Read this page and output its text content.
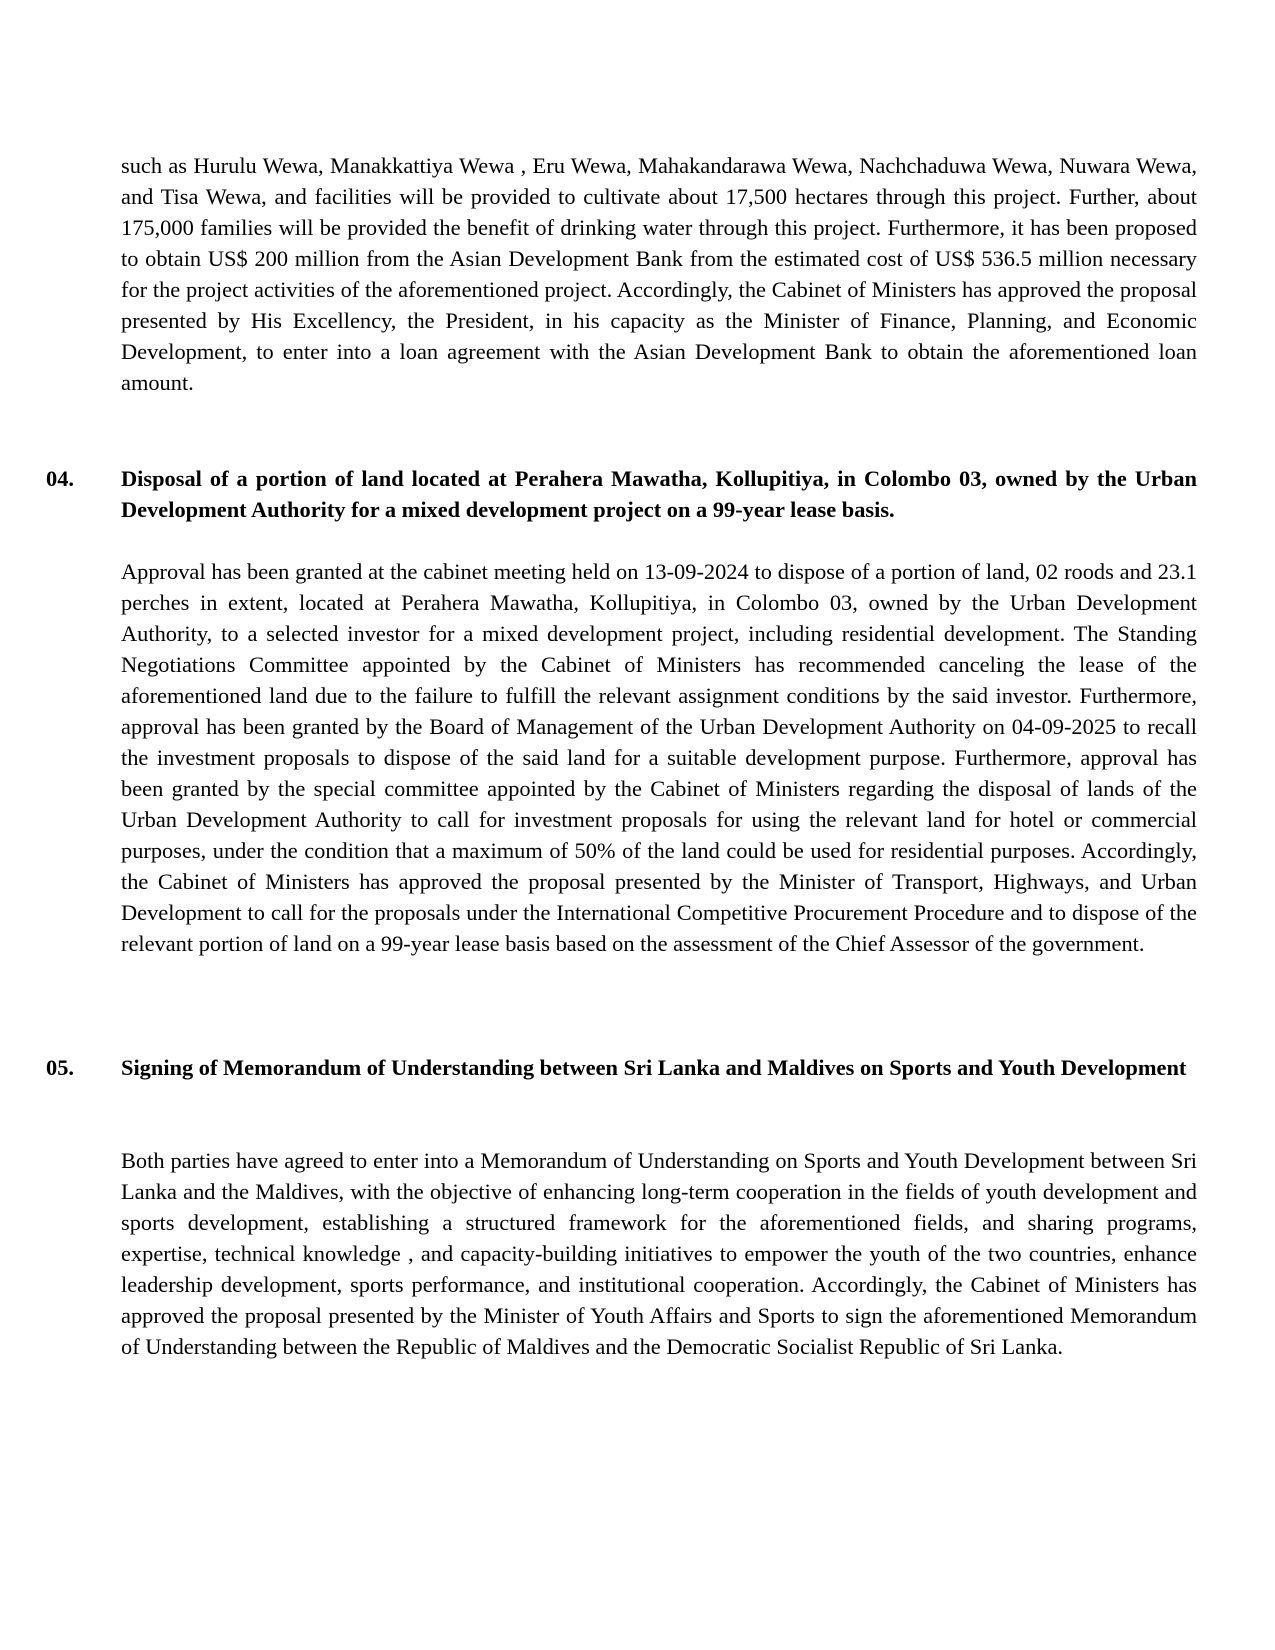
such as Hurulu Wewa, Manakkattiya Wewa , Eru Wewa, Mahakandarawa Wewa, Nachchaduwa Wewa, Nuwara Wewa, and Tisa Wewa, and facilities will be provided to cultivate about 17,500 hectares through this project. Further, about 175,000 families will be provided the benefit of drinking water through this project. Furthermore, it has been proposed to obtain US$ 200 million from the Asian Development Bank from the estimated cost of US$ 536.5 million necessary for the project activities of the aforementioned project. Accordingly, the Cabinet of Ministers has approved the proposal presented by His Excellency, the President, in his capacity as the Minister of Finance, Planning, and Economic Development, to enter into a loan agreement with the Asian Development Bank to obtain the aforementioned loan amount.

04. Disposal of a portion of land located at Perahera Mawatha, Kollupitiya, in Colombo 03, owned by the Urban Development Authority for a mixed development project on a 99-year lease basis.

Approval has been granted at the cabinet meeting held on 13-09-2024 to dispose of a portion of land, 02 roods and 23.1 perches in extent, located at Perahera Mawatha, Kollupitiya, in Colombo 03, owned by the Urban Development Authority, to a selected investor for a mixed development project, including residential development. The Standing Negotiations Committee appointed by the Cabinet of Ministers has recommended canceling the lease of the aforementioned land due to the failure to fulfill the relevant assignment conditions by the said investor. Furthermore, approval has been granted by the Board of Management of the Urban Development Authority on 04-09-2025 to recall the investment proposals to dispose of the said land for a suitable development purpose. Furthermore, approval has been granted by the special committee appointed by the Cabinet of Ministers regarding the disposal of lands of the Urban Development Authority to call for investment proposals for using the relevant land for hotel or commercial purposes, under the condition that a maximum of 50% of the land could be used for residential purposes. Accordingly, the Cabinet of Ministers has approved the proposal presented by the Minister of Transport, Highways, and Urban Development to call for the proposals under the International Competitive Procurement Procedure and to dispose of the relevant portion of land on a 99-year lease basis based on the assessment of the Chief Assessor of the government.

05. Signing of Memorandum of Understanding between Sri Lanka and Maldives on Sports and Youth Development

Both parties have agreed to enter into a Memorandum of Understanding on Sports and Youth Development between Sri Lanka and the Maldives, with the objective of enhancing long-term cooperation in the fields of youth development and sports development, establishing a structured framework for the aforementioned fields, and sharing programs, expertise, technical knowledge , and capacity-building initiatives to empower the youth of the two countries, enhance leadership development, sports performance, and institutional cooperation. Accordingly, the Cabinet of Ministers has approved the proposal presented by the Minister of Youth Affairs and Sports to sign the aforementioned Memorandum of Understanding between the Republic of Maldives and the Democratic Socialist Republic of Sri Lanka.
